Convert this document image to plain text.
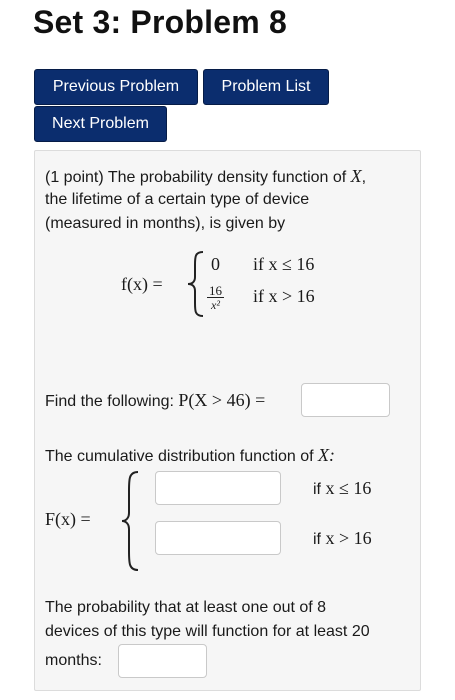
Set 3: Problem 8
Previous Problem	Problem List
Next Problem

(1 point) The probability density function of X,

the lifetime of a certain type of device

(measured in months), is given by

f(x) =
0 if x ≤ 16
$\frac{16}{\text{x²}}$ if x > 16

Find the following: P(X > 46) =

The cumulative distribution function of X:

F(x) =
if x ≤ 16
if x > 16

The probability that at least one out of 8

devices of this type will function for at least 20

months:
